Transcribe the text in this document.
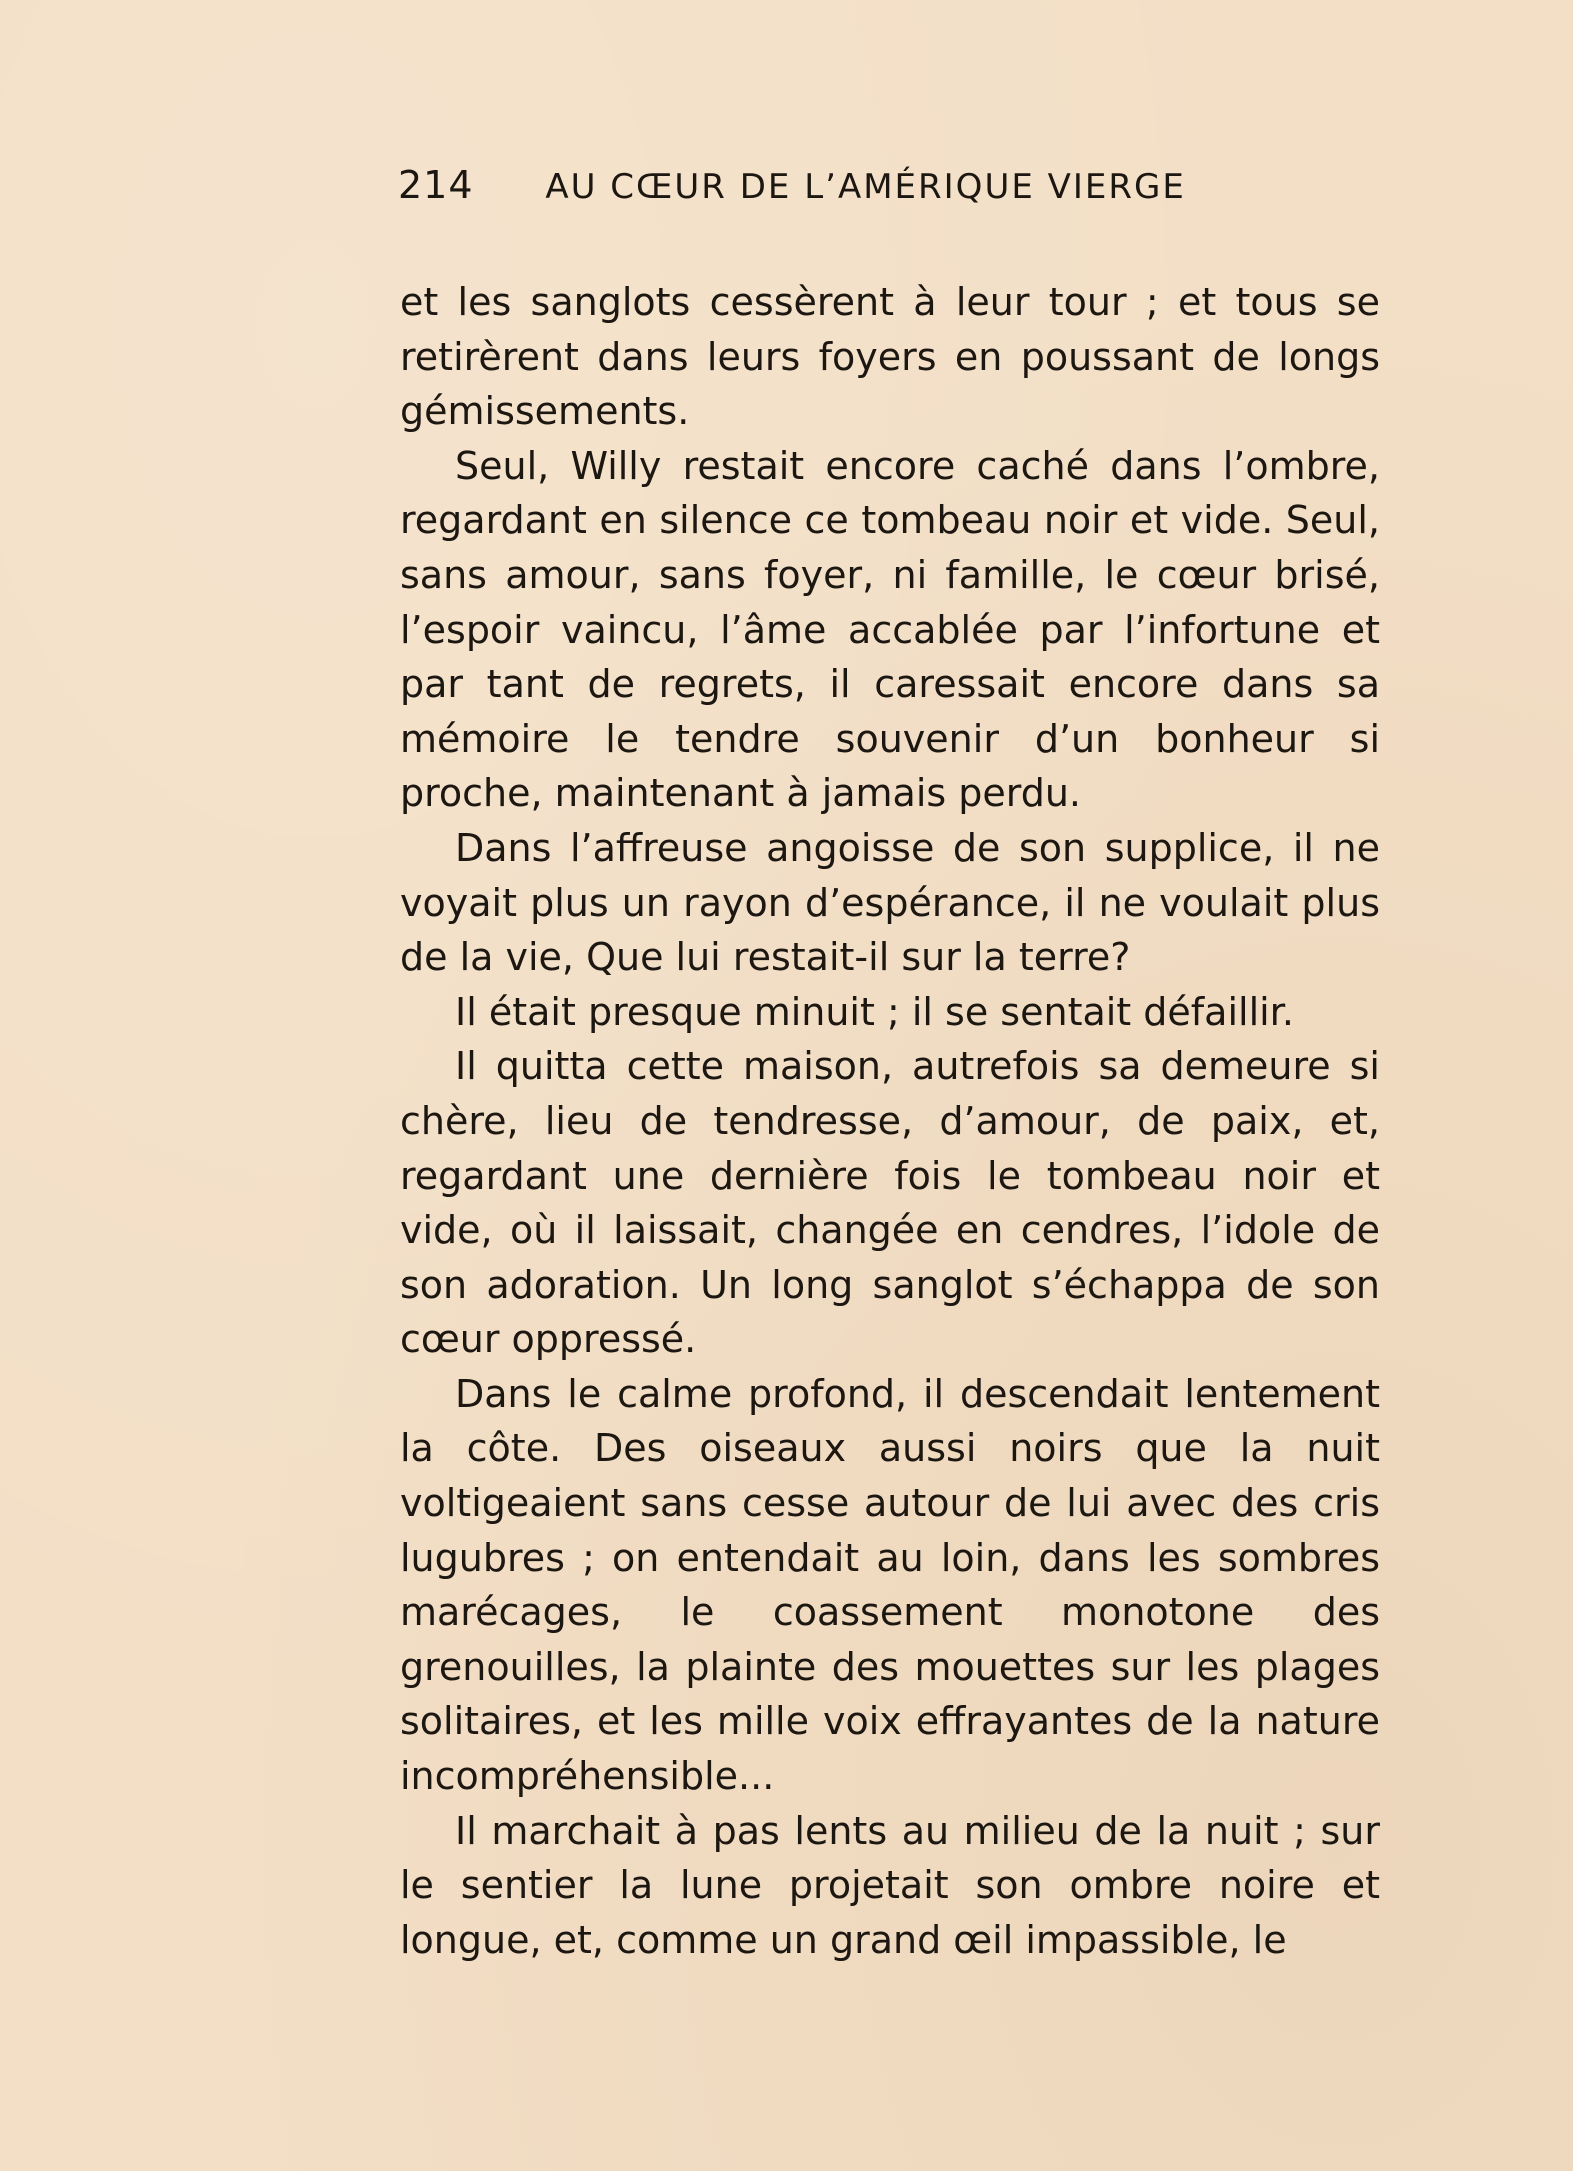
214 AU CŒUR DE L’AMÉRIQUE VIERGE

et les sanglots cessèrent à leur tour ; et tous se retirèrent dans leurs foyers en poussant de longs gémissements.

Seul, Willy restait encore caché dans l’ombre, regardant en silence ce tombeau noir et vide. Seul, sans amour, sans foyer, ni famille, le cœur brisé, l’espoir vaincu, l’âme accablée par l’infortune et par tant de regrets, il caressait encore dans sa mémoire le tendre souvenir d’un bonheur si proche, maintenant à jamais perdu.

Dans l’affreuse angoisse de son supplice, il ne voyait plus un rayon d’espérance, il ne voulait plus de la vie, Que lui restait-il sur la terre?

Il était presque minuit ; il se sentait défaillir.

Il quitta cette maison, autrefois sa demeure si chère, lieu de tendresse, d’amour, de paix, et, regardant une dernière fois le tombeau noir et vide, où il laissait, changée en cendres, l’idole de son adoration. Un long sanglot s’échappa de son cœur oppressé.

Dans le calme profond, il descendait lentement la côte. Des oiseaux aussi noirs que la nuit voltigeaient sans cesse autour de lui avec des cris lugubres ; on entendait au loin, dans les sombres marécages, le coassement monotone des grenouilles, la plainte des mouettes sur les plages solitaires, et les mille voix effrayantes de la nature incompréhensible...

Il marchait à pas lents au milieu de la nuit ; sur le sentier la lune projetait son ombre noire et longue, et, comme un grand œil impassible, le
